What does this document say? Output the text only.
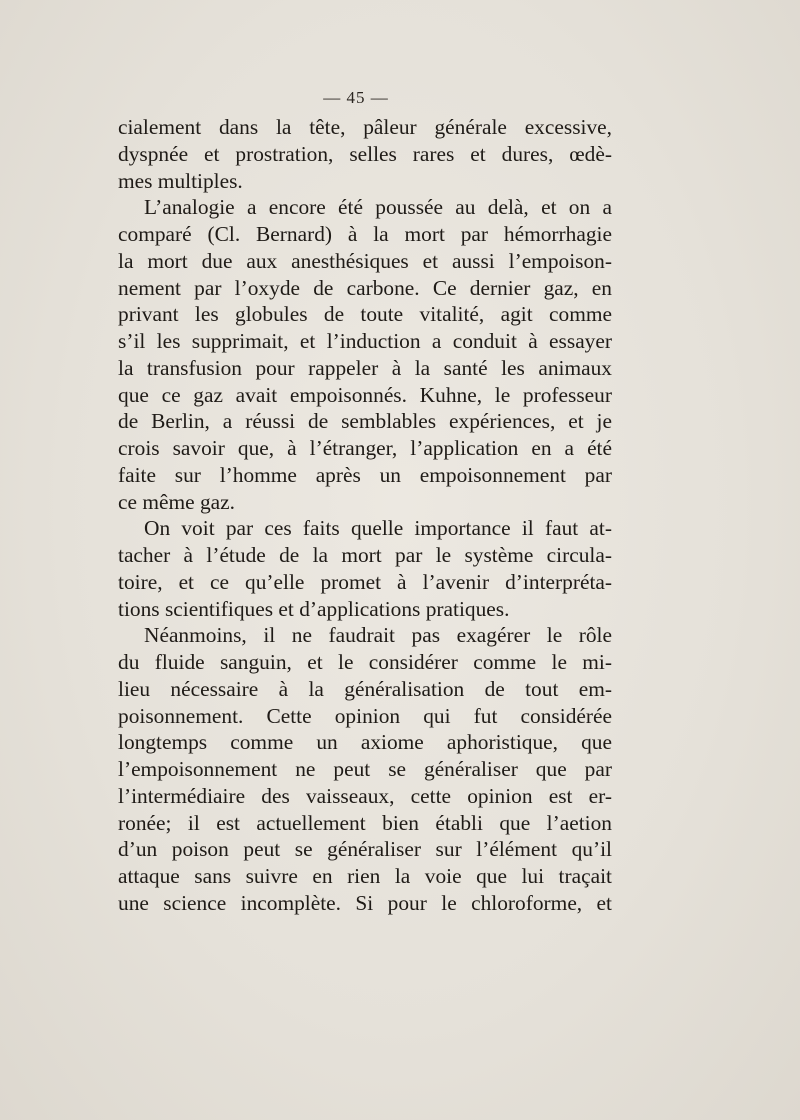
— 45 —
cialement dans la tête, pâleur générale excessive,
dyspnée et prostration, selles rares et dures, œdè-
mes multiples.
L’analogie a encore été poussée au delà, et on a
comparé (Cl. Bernard) à la mort par hémorrhagie
la mort due aux anesthésiques et aussi l’empoison-
nement par l’oxyde de carbone. Ce dernier gaz, en
privant les globules de toute vitalité, agit comme
s’il les supprimait, et l’induction a conduit à essayer
la transfusion pour rappeler à la santé les animaux
que ce gaz avait empoisonnés. Kuhne, le professeur
de Berlin, a réussi de semblables expériences, et je
crois savoir que, à l’étranger, l’application en a été
faite sur l’homme après un empoisonnement par
ce même gaz.
On voit par ces faits quelle importance il faut at-
tacher à l’étude de la mort par le système circula-
toire, et ce qu’elle promet à l’avenir d’interpréta-
tions scientifiques et d’applications pratiques.
Néanmoins, il ne faudrait pas exagérer le rôle
du fluide sanguin, et le considérer comme le mi-
lieu nécessaire à la généralisation de tout em-
poisonnement. Cette opinion qui fut considérée
longtemps comme un axiome aphoristique, que
l’empoisonnement ne peut se généraliser que par
l’intermédiaire des vaisseaux, cette opinion est er-
ronée; il est actuellement bien établi que l’aetion
d’un poison peut se généraliser sur l’élément qu’il
attaque sans suivre en rien la voie que lui traçait
une science incomplète. Si pour le chloroforme, et
